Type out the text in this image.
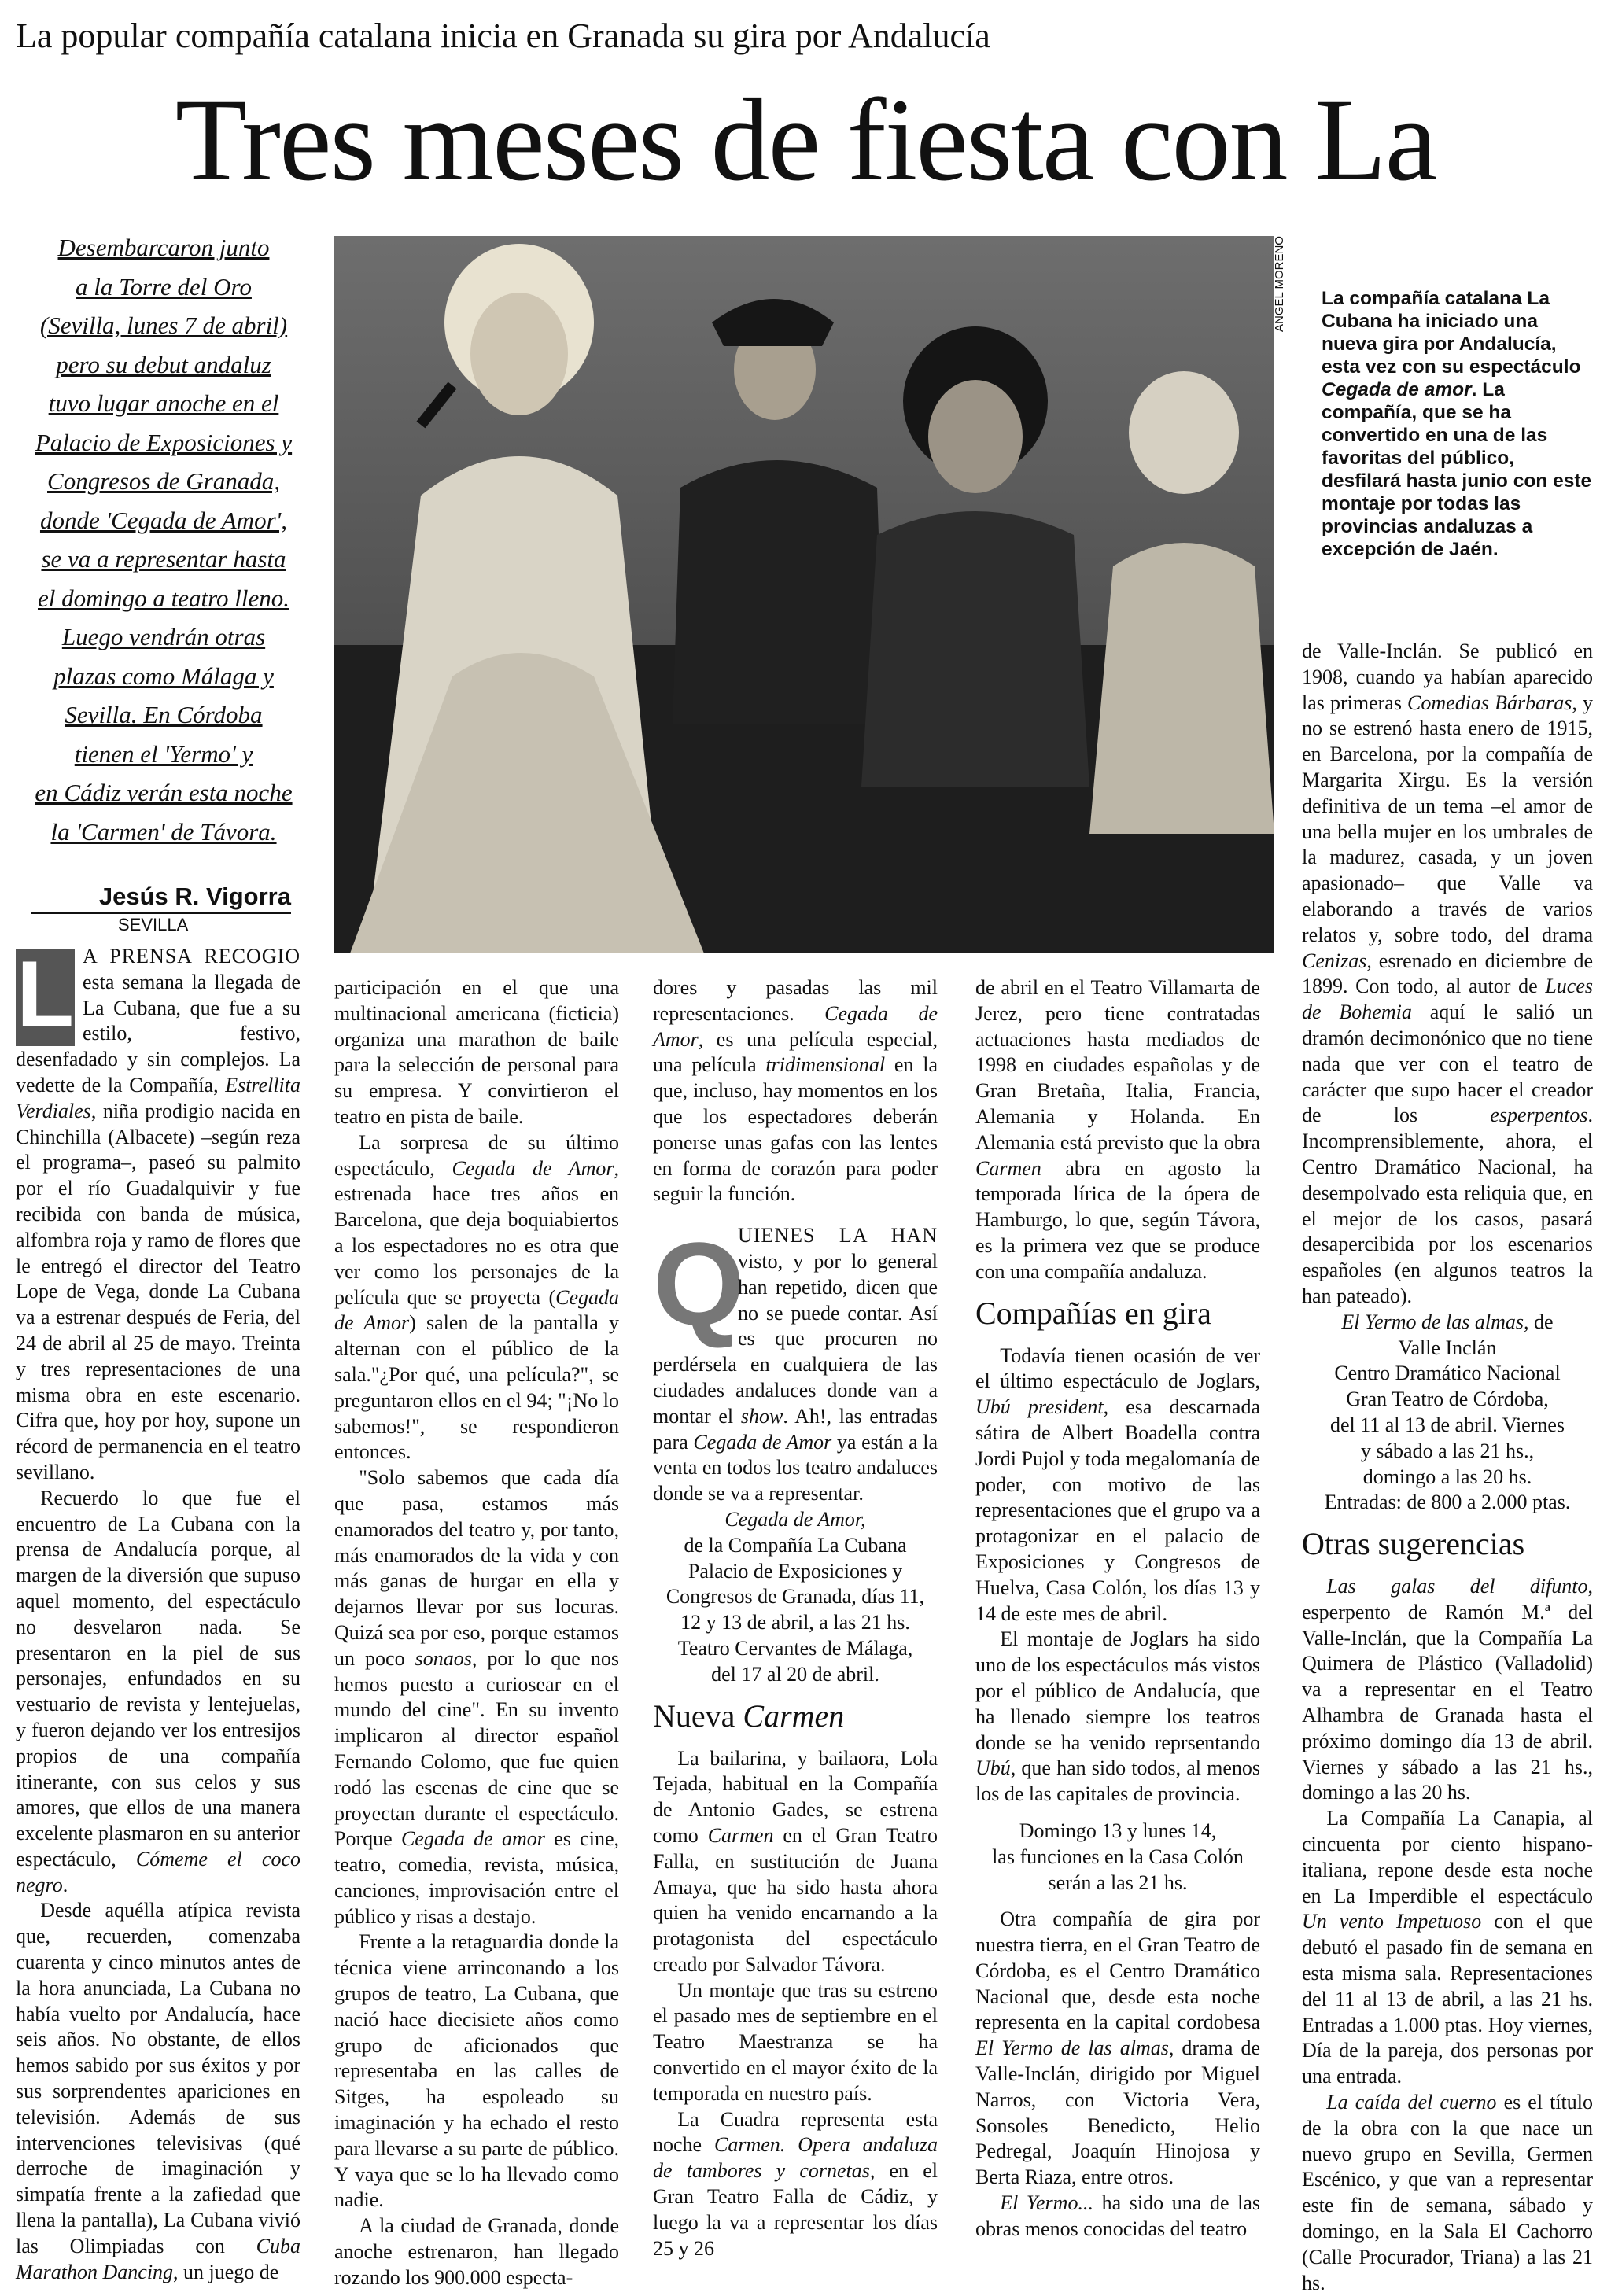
La popular compañía catalana inicia en Granada su gira por Andalucía
Tres meses de fiesta con La

Desembarcaron junto

a la Torre del Oro

(Sevilla, lunes 7 de abril)

pero su debut andaluz

tuvo lugar anoche en el

Palacio de Exposiciones y

Congresos de Granada,

donde 'Cegada de Amor',

se va a representar hasta

el domingo a teatro lleno.

Luego vendrán otras

plazas como Málaga y

Sevilla. En Córdoba

tienen el 'Yermo' y

en Cádiz verán esta noche

la 'Carmen' de Távora.

Jesús R. Vigorra
SEVILLA
ANGEL MORENO	La compañía catalana La Cubana ha iniciado una nueva gira por Andalucía, esta vez con su espectáculo Cegada de amor. La compañía, que se ha convertido en una de las favoritas del público, desfilará hasta junio con este montaje por todas las provincias andaluzas a excepción de Jaén.

L A PRENSA RECOGIO esta semana la llegada de La Cubana, que fue a su estilo, festivo, desenfadado y sin complejos. La vedette de la Compañía, Estrellita Verdiales, niña prodigio nacida en Chinchilla (Albacete) –según reza el programa–, paseó su palmito por el río Guadalquivir y fue recibida con banda de música, alfombra roja y ramo de flores que le entregó el director del Teatro Lope de Vega, donde La Cubana va a estrenar después de Feria, del 24 de abril al 25 de mayo. Treinta y tres representaciones de una misma obra en este escenario. Cifra que, hoy por hoy, supone un récord de permanencia en el teatro sevillano.

Recuerdo lo que fue el encuentro de La Cubana con la prensa de Andalucía porque, al margen de la diversión que supuso aquel momento, del espectáculo no desvelaron nada. Se presentaron en la piel de sus personajes, enfundados en su vestuario de revista y lentejuelas, y fueron dejando ver los entresijos propios de una compañía itinerante, con sus celos y sus amores, que ellos de una manera excelente plasmaron en su anterior espectáculo, Cómeme el coco negro.

Desde aquélla atípica revista que, recuerden, comenzaba cuarenta y cinco minutos antes de la hora anunciada, La Cubana no había vuelto por Andalucía, hace seis años. No obstante, de ellos hemos sabido por sus éxitos y por sus sorprendentes apariciones en televisión. Además de sus intervenciones televisivas (qué derroche de imaginación y simpatía frente a la zafiedad que llena la pantalla), La Cubana vivió las Olimpiadas con Cuba Marathon Dancing, un juego de

participación en el que una multinacional americana (ficticia) organiza una marathon de baile para la selección de personal para su empresa. Y convirtieron el teatro en pista de baile.

La sorpresa de su último espectáculo, Cegada de Amor, estrenada hace tres años en Barcelona, que deja boquiabiertos a los espectadores no es otra que ver como los personajes de la película que se proyecta (Cegada de Amor) salen de la pantalla y alternan con el público de la sala."¿Por qué, una película?", se preguntaron ellos en el 94; "¡No lo sabemos!", se respondieron entonces.

"Solo sabemos que cada día que pasa, estamos más enamorados del teatro y, por tanto, más enamorados de la vida y con más ganas de hurgar en ella y dejarnos llevar por sus locuras. Quizá sea por eso, porque estamos un poco sonaos, por lo que nos hemos puesto a curiosear en el mundo del cine". En su invento implicaron al director español Fernando Colomo, que fue quien rodó las escenas de cine que se proyectan durante el espectáculo. Porque Cegada de amor es cine, teatro, comedia, revista, música, canciones, improvisación entre el público y risas a destajo.

Frente a la retaguardia donde la técnica viene arrinconando a los grupos de teatro, La Cubana, que nació hace diecisiete años como grupo de aficionados que representaba en las calles de Sitges, ha espoleado su imaginación y ha echado el resto para llevarse a su parte de público. Y vaya que se lo ha llevado como nadie.

A la ciudad de Granada, donde anoche estrenaron, han llegado rozando los 900.000 especta-

dores y pasadas las mil representaciones. Cegada de Amor, es una película especial, una película tridimensional en la que, incluso, hay momentos en los que los espectadores deberán ponerse unas gafas con las lentes en forma de corazón para poder seguir la función.

Q
UIENES LA HAN visto, y por lo general han repetido, dicen que no se puede contar. Así es que procuren no perdérsela en cualquiera de las ciudades andaluces donde van a montar el show. Ah!, las entradas para Cegada de Amor ya están a la venta en todos los teatro andaluces donde se va a representar.

Cegada de Amor,

de la Compañía La Cubana

Palacio de Exposiciones y

Congresos de Granada, días 11,

12 y 13 de abril, a las 21 hs.

Teatro Cervantes de Málaga,

del 17 al 20 de abril.

Nueva Carmen

La bailarina, y bailaora, Lola Tejada, habitual en la Compañía de Antonio Gades, se estrena como Carmen en el Gran Teatro Falla, en sustitución de Juana Amaya, que ha sido hasta ahora quien ha venido encarnando a la protagonista del espectáculo creado por Salvador Távora.

Un montaje que tras su estreno el pasado mes de septiembre en el Teatro Maestranza se ha convertido en el mayor éxito de la temporada en nuestro país.

La Cuadra representa esta noche Carmen. Opera andaluza de tambores y cornetas, en el Gran Teatro Falla de Cádiz, y luego la va a representar los días 25 y 26

de abril en el Teatro Villamarta de Jerez, pero tiene contratadas actuaciones hasta mediados de 1998 en ciudades españolas y de Gran Bretaña, Italia, Francia, Alemania y Holanda. En Alemania está previsto que la obra Carmen abra en agosto la temporada lírica de la ópera de Hamburgo, lo que, según Távora, es la primera vez que se produce con una compañía andaluza.

Compañías en gira

Todavía tienen ocasión de ver el último espectáculo de Joglars, Ubú president, esa descarnada sátira de Albert Boadella contra Jordi Pujol y toda megalomanía de poder, con motivo de las representaciones que el grupo va a protagonizar en el palacio de Exposiciones y Congresos de Huelva, Casa Colón, los días 13 y 14 de este mes de abril.

El montaje de Joglars ha sido uno de los espectáculos más vistos por el público de Andalucía, que ha llenado siempre los teatros donde se ha venido reprsentando Ubú, que han sido todos, al menos los de las capitales de provincia.

Domingo 13 y lunes 14,

las funciones en la Casa Colón

serán a las 21 hs.

Otra compañía de gira por nuestra tierra, en el Gran Teatro de Córdoba, es el Centro Dramático Nacional que, desde esta noche representa en la capital cordobesa El Yermo de las almas, drama de Valle-Inclán, dirigido por Miguel Narros, con Victoria Vera, Sonsoles Benedicto, Helio Pedregal, Joaquín Hinojosa y Berta Riaza, entre otros.

El Yermo... ha sido una de las obras menos conocidas del teatro

de Valle-Inclán. Se publicó en 1908, cuando ya habían aparecido las primeras Comedias Bárbaras, y no se estrenó hasta enero de 1915, en Barcelona, por la compañía de Margarita Xirgu. Es la versión definitiva de un tema –el amor de una bella mujer en los umbrales de la madurez, casada, y un joven apasionado– que Valle va elaborando a través de varios relatos y, sobre todo, del drama Cenizas, esrenado en diciembre de 1899. Con todo, al autor de Luces de Bohemia aquí le salió un dramón decimonónico que no tiene nada que ver con el teatro de carácter que supo hacer el creador de los esperpentos. Incomprensiblemente, ahora, el Centro Dramático Nacional, ha desempolvado esta reliquia que, en el mejor de los casos, pasará desapercibida por los escenarios españoles (en algunos teatros la han pateado).

El Yermo de las almas, de

Valle Inclán

Centro Dramático Nacional

Gran Teatro de Córdoba,

del 11 al 13 de abril. Viernes

y sábado a las 21 hs.,

domingo a las 20 hs.

Entradas: de 800 a 2.000 ptas.

Otras sugerencias

Las galas del difunto, esperpento de Ramón M.ª del Valle-Inclán, que la Compañía La Quimera de Plástico (Valladolid) va a representar en el Teatro Alhambra de Granada hasta el próximo domingo día 13 de abril. Viernes y sábado a las 21 hs., domingo a las 20 hs.

La Compañía La Canapia, al cincuenta por ciento hispano-italiana, repone desde esta noche en La Imperdible el espectáculo Un vento Impetuoso con el que debutó el pasado fin de semana en esta misma sala. Representaciones del 11 al 13 de abril, a las 21 hs. Entradas a 1.000 ptas. Hoy viernes, Día de la pareja, dos personas por una entrada.

La caída del cuerno es el título de la obra con la que nace un nuevo grupo en Sevilla, Germen Escénico, y que van a representar este fin de semana, sábado y domingo, en la Sala El Cachorro (Calle Procurador, Triana) a las 21 hs.
